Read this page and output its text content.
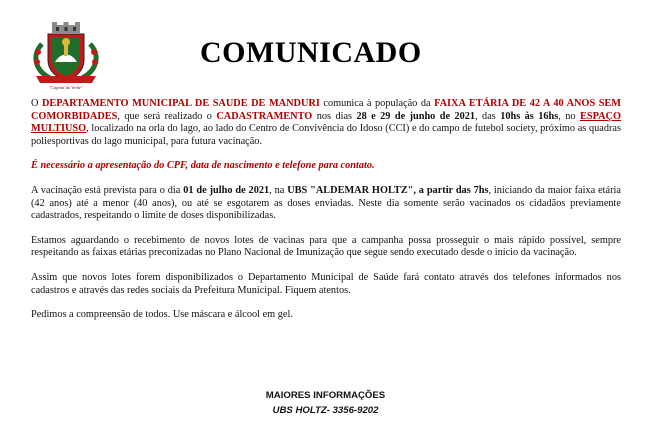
"Capital da Verde"
COMUNICADO

O DEPARTAMENTO MUNICIPAL DE SAUDE DE MANDURI comunica à população da FAIXA ETÁRIA DE 42 A 40 ANOS SEM COMORBIDADES, que será realizado o CADASTRAMENTO nos dias 28 e 29 de junho de 2021, das 10hs às 16hs, no ESPAÇO MULTIUSO, localizado na orla do lago, ao lado do Centro de Convivência do Idoso (CCI) e do campo de futebol society, próximo as quadras poliesportivas do lago municipal, para futura vacinação.

É necessário a apresentação do CPF, data de nascimento e telefone para contato.

A vacinação está prevista para o dia 01 de julho de 2021, na UBS "ALDEMAR HOLTZ", a partir das 7hs, iniciando da maior faixa etária (42 anos) até a menor (40 anos), ou até se esgotarem as doses enviadas. Neste dia somente serão vacinados os cidadãos previamente cadastrados, respeitando o limite de doses disponibilizadas.

Estamos aguardando o recebimento de novos lotes de vacinas para que a campanha possa prosseguir o mais rápido possível, sempre respeitando as faixas etárias preconizadas no Plano Nacional de Imunização que segue sendo executado desde o início da vacinação.

Assim que novos lotes forem disponibilizados o Departamento Municipal de Saúde fará contato através dos telefones informados nos cadastros e através das redes sociais da Prefeitura Municipal. Fiquem atentos.

Pedimos a compreensão de todos. Use máscara e álcool em gel.

MAIORES INFORMAÇÕES
UBS HOLTZ- 3356-9202
